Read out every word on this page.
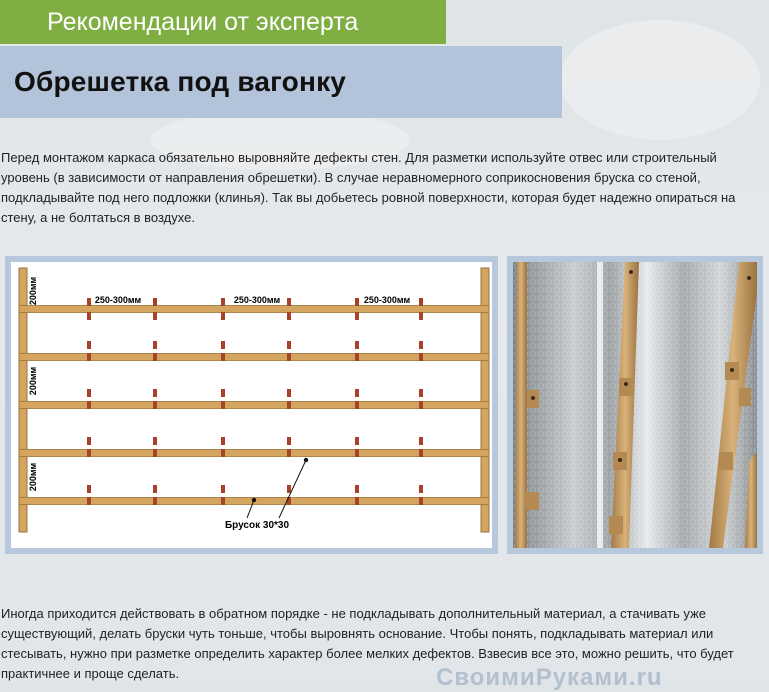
Рекомендации от эксперта
Обрешетка под вагонку

Перед монтажом каркаса обязательно выровняйте дефекты стен. Для разметки используйте отвес или строительный уровень (в зависимости от направления обрешетки). В случае неравномерного соприкосновения бруска со стеной, подкладывайте под него подложки (клинья). Так вы добьетесь ровной поверхности, которая будет надежно опираться на стену, а не болтаться в воздухе.

250-300мм	250-300мм	250-300мм
200мм
200мм
200мм
Брусок 30*30

Иногда приходится действовать в обратном порядке - не подкладывать дополнительный материал, а стачивать уже существующий, делать бруски чуть тоньше, чтобы выровнять основание. Чтобы понять, подкладывать материал или стесывать, нужно при разметке определить характер более мелких дефектов. Взвесив все это, можно решить, что будет практичнее и проще сделать.	СвоимиРуками.ru
